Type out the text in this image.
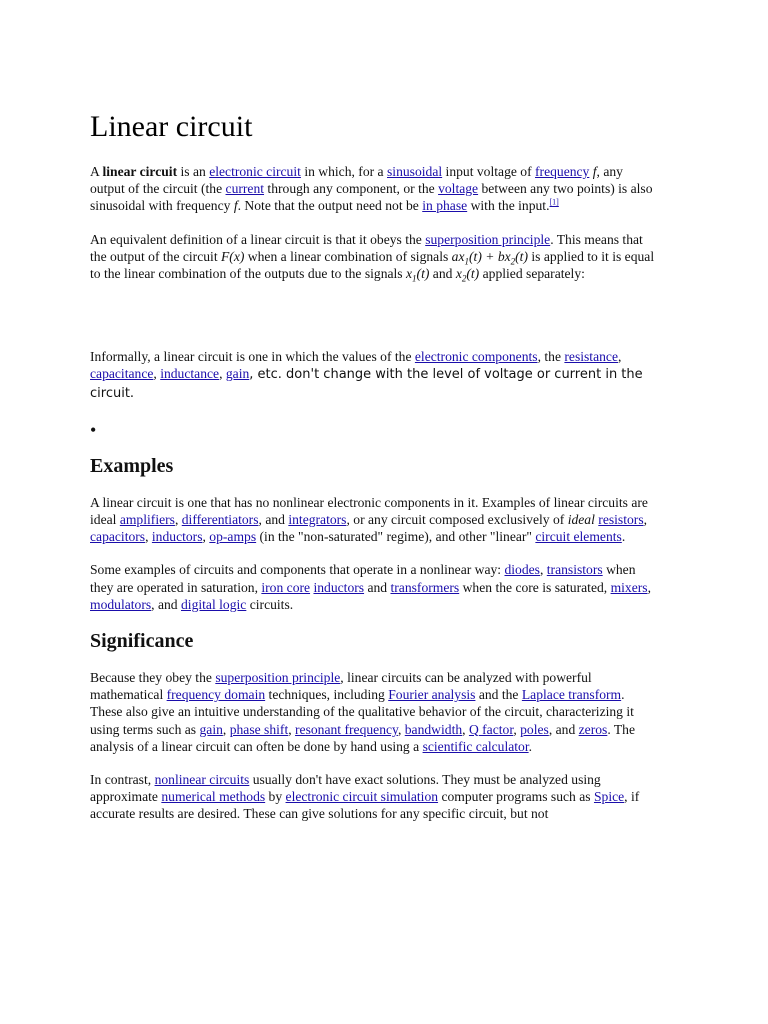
Linear circuit

A linear circuit is an electronic circuit in which, for a sinusoidal input voltage of frequency f, any output of the circuit (the current through any component, or the voltage between any two points) is also sinusoidal with frequency f. Note that the output need not be in phase with the input.[1]

An equivalent definition of a linear circuit is that it obeys the superposition principle. This means that the output of the circuit F(x) when a linear combination of signals $ax_1(t) + bx_2(t)$ is applied to it is equal to the linear combination of the outputs due to the signals $x_1(t)$ and $x_2(t)$ applied separately:

Informally, a linear circuit is one in which the values of the electronic components, the resistance, capacitance, inductance, gain, etc. don't change with the level of voltage or current in the circuit.

•
Examples

A linear circuit is one that has no nonlinear electronic components in it. Examples of linear circuits are ideal amplifiers, differentiators, and integrators, or any circuit composed exclusively of ideal resistors, capacitors, inductors, op-amps (in the "non-saturated" regime), and other "linear" circuit elements.

Some examples of circuits and components that operate in a nonlinear way: diodes, transistors when they are operated in saturation, iron core inductors and transformers when the core is saturated, mixers, modulators, and digital logic circuits.

Significance

Because they obey the superposition principle, linear circuits can be analyzed with powerful mathematical frequency domain techniques, including Fourier analysis and the Laplace transform. These also give an intuitive understanding of the qualitative behavior of the circuit, characterizing it using terms such as gain, phase shift, resonant frequency, bandwidth, Q factor, poles, and zeros. The analysis of a linear circuit can often be done by hand using a scientific calculator.

In contrast, nonlinear circuits usually don't have exact solutions. They must be analyzed using approximate numerical methods by electronic circuit simulation computer programs such as Spice, if accurate results are desired. These can give solutions for any specific circuit, but not
